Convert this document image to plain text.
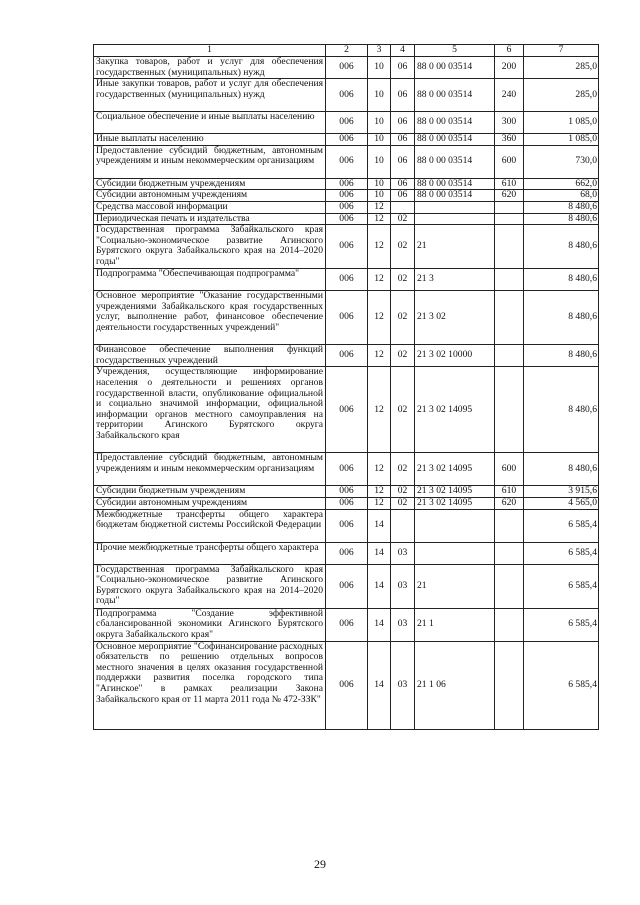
1	2	3	4	5	6	7
Закупка товаров, работ и услуг для обеспечения государственных (муниципальных) нужд	006	10	06	88 0 00 03514	200	285,0
Иные закупки товаров, работ и услуг для обеспечения государственных (муниципальных) нужд	006	10	06	88 0 00 03514	240	285,0
Социальное обеспечение и иные выплаты населению	006	10	06	88 0 00 03514	300	1 085,0
Иные выплаты населению	006	10	06	88 0 00 03514	360	1 085,0
Предоставление субсидий бюджетным, автономным учреждениям и иным некоммерческим организациям	006	10	06	88 0 00 03514	600	730,0
Субсидии бюджетным учреждениям	006	10	06	88 0 00 03514	610	662,0
Субсидии автономным учреждениям	006	10	06	88 0 00 03514	620	68,0
Средства массовой информации	006	12				8 480,6
Периодическая печать и издательства	006	12	02			8 480,6
Государственная программа Забайкальского края "Социально-экономическое развитие Агинского Бурятского округа Забайкальского края на 2014–2020 годы"	006	12	02	21		8 480,6
Подпрограмма "Обеспечивающая подпрограмма"	006	12	02	21 3		8 480,6
Основное мероприятие "Оказание государственными учреждениями Забайкальского края государственных услуг, выполнение работ, финансовое обеспечение деятельности государственных учреждений"	006	12	02	21 3 02		8 480,6
Финансовое обеспечение выполнения функций государственных учреждений	006	12	02	21 3 02 10000		8 480,6
Учреждения, осуществляющие информирование населения о деятельности и решениях органов государственной власти, опубликование официальной и социально значимой информации, официальной информации органов местного самоуправления на территории Агинского Бурятского округа Забайкальского края	006	12	02	21 3 02 14095		8 480,6
Предоставление субсидий бюджетным, автономным учреждениям и иным некоммерческим организациям	006	12	02	21 3 02 14095	600	8 480,6
Субсидии бюджетным учреждениям	006	12	02	21 3 02 14095	610	3 915,6
Субсидии автономным учреждениям	006	12	02	21 3 02 14095	620	4 565,0
Межбюджетные трансферты общего характера бюджетам бюджетной системы Российской Федерации	006	14				6 585,4
Прочие межбюджетные трансферты общего характера	006	14	03			6 585,4
Государственная программа Забайкальского края "Социально-экономическое развитие Агинского Бурятского округа Забайкальского края на 2014–2020 годы"	006	14	03	21		6 585,4
Подпрограмма "Создание эффективной сбалансированной экономики Агинского Бурятского округа Забайкальского края"	006	14	03	21 1		6 585,4
Основное мероприятие "Софинансирование расходных обязательств по решению отдельных вопросов местного значения в целях оказания государственной поддержки развития поселка городского типа "Агинское" в рамках реализации Закона Забайкальского края от 11 марта 2011 года № 472-ЗЗК"	006	14	03	21 1 06		6 585,4
29
